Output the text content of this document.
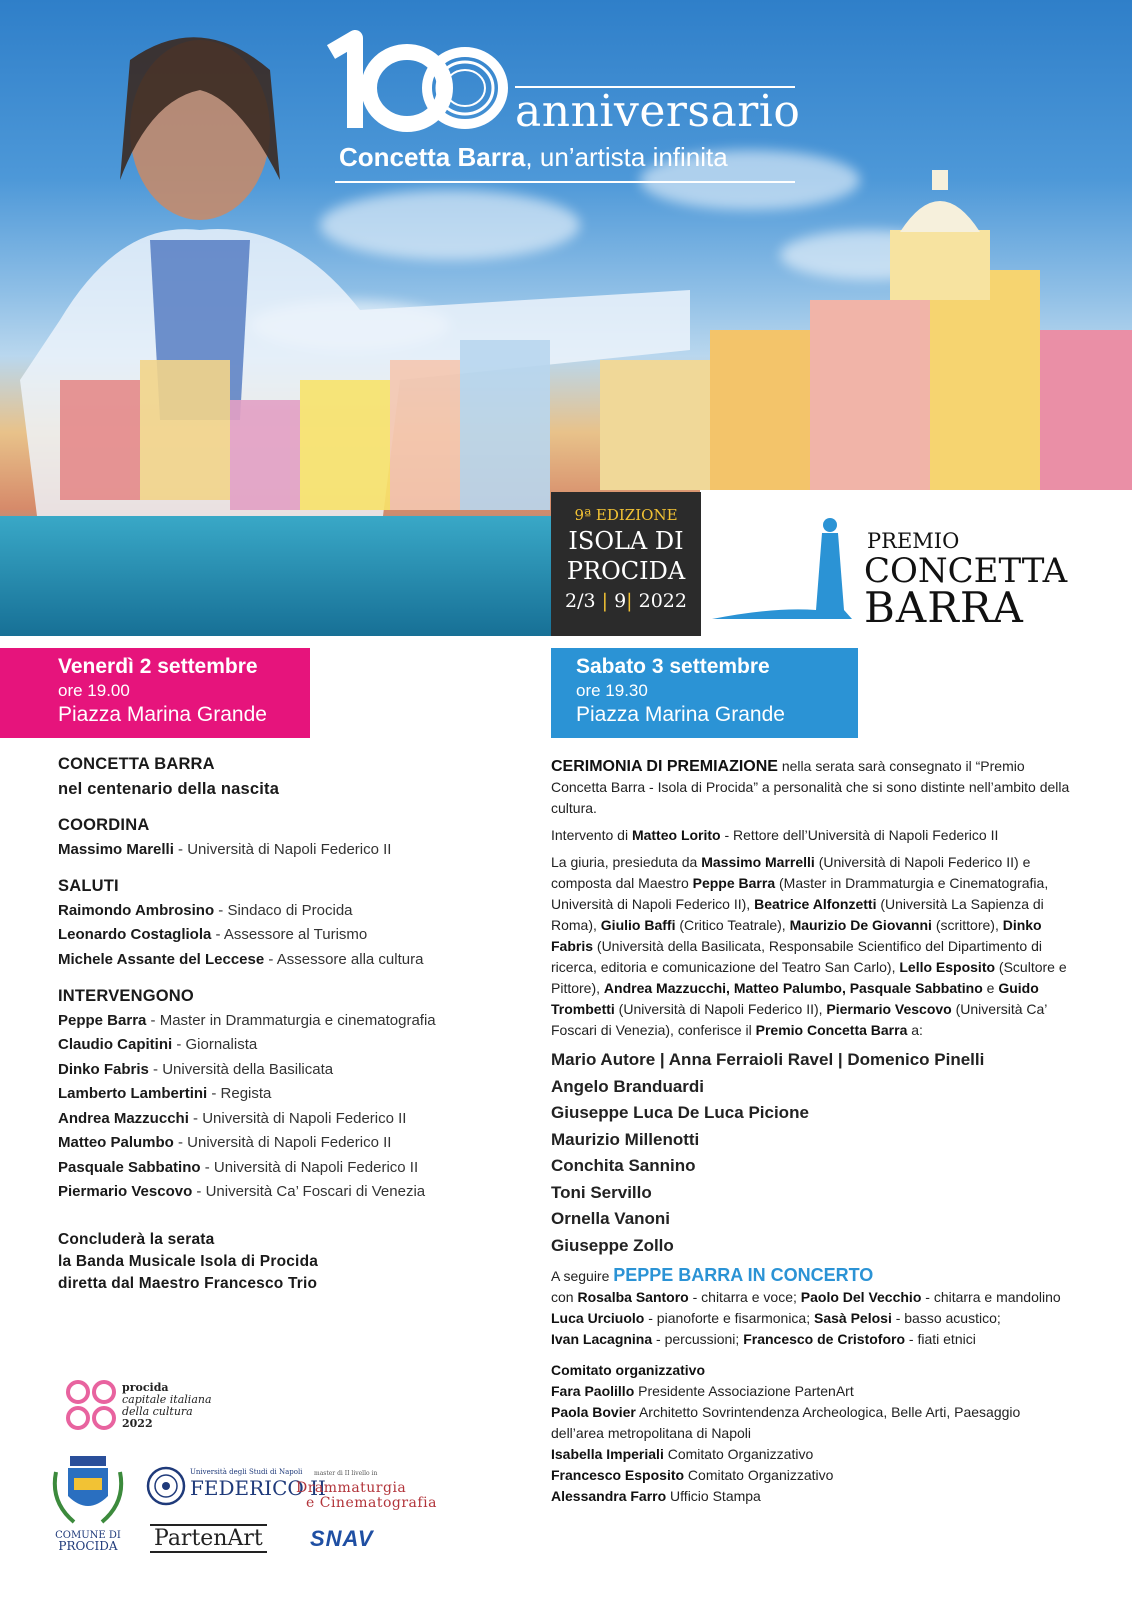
anniversario
Concetta Barra, un’artista infinita
9ª EDIZIONE
ISOLA DI
PROCIDA
2/3 | 9| 2022
PREMIO
CONCETTA
BARRA
Venerdì 2 settembre
ore 19.00
Piazza Marina Grande
Sabato 3 settembre
ore 19.30
Piazza Marina Grande
CONCETTA BARRA
nel centenario della nascita
COORDINA
Massimo Marelli - Università di Napoli Federico II
SALUTI
Raimondo Ambrosino - Sindaco di Procida
Leonardo Costagliola - Assessore al Turismo
Michele Assante del Leccese - Assessore alla cultura
INTERVENGONO
Peppe Barra - Master in Drammaturgia e cinematografia
Claudio Capitini - Giornalista
Dinko Fabris - Università della Basilicata
Lamberto Lambertini - Regista
Andrea Mazzucchi - Università di Napoli Federico II
Matteo Palumbo - Università di Napoli Federico II
Pasquale Sabbatino - Università di Napoli Federico II
Piermario Vescovo - Università Ca’ Foscari di Venezia
Concluderà la serata
la Banda Musicale Isola di Procida
diretta dal Maestro Francesco Trio
CERIMONIA DI PREMIAZIONE nella serata sarà consegnato il “Premio Concetta Barra - Isola di Procida” a personalità che si sono distinte nell’ambito della cultura.
Intervento di Matteo Lorito - Rettore dell’Università di Napoli Federico II
La giuria, presieduta da Massimo Marrelli (Università di Napoli Federico II) e composta dal Maestro Peppe Barra (Master in Drammaturgia e Cinematografia, Università di Napoli Federico II), Beatrice Alfonzetti (Università La Sapienza di Roma), Giulio Baffi (Critico Teatrale), Maurizio De Giovanni (scrittore), Dinko Fabris (Università della Basilicata, Responsabile Scientifico del Dipartimento di ricerca, editoria e comunicazione del Teatro San Carlo), Lello Esposito (Scultore e Pittore), Andrea Mazzucchi, Matteo Palumbo, Pasquale Sabbatino e Guido Trombetti (Università di Napoli Federico II), Piermario Vescovo (Università Ca’ Foscari di Venezia), conferisce il Premio Concetta Barra a:
Mario Autore | Anna Ferraioli Ravel | Domenico Pinelli
Angelo Branduardi
Giuseppe Luca De Luca Picione
Maurizio Millenotti
Conchita Sannino
Toni Servillo
Ornella Vanoni
Giuseppe Zollo
A seguire PEPPE BARRA IN CONCERTO
con Rosalba Santoro - chitarra e voce; Paolo Del Vecchio - chitarra e mandolino
Luca Urciuolo - pianoforte e fisarmonica; Sasà Pelosi - basso acustico;
Ivan Lacagnina - percussioni; Francesco de Cristoforo - fiati etnici
Comitato organizzativo
Fara Paolillo Presidente Associazione PartenArt
Paola Bovier Architetto Sovrintendenza Archeologica, Belle Arti, Paesaggio dell’area metropolitana di Napoli
Isabella Imperiali Comitato Organizzativo
Francesco Esposito Comitato Organizzativo
Alessandra Farro Ufficio Stampa
procida
capitale italiana
della cultura
2022
COMUNE DI
PROCIDA
Università degli Studi di Napoli
FEDERICO II
master di II livello in
Drammaturgia
e Cinematografia
PartenArt SNAV
